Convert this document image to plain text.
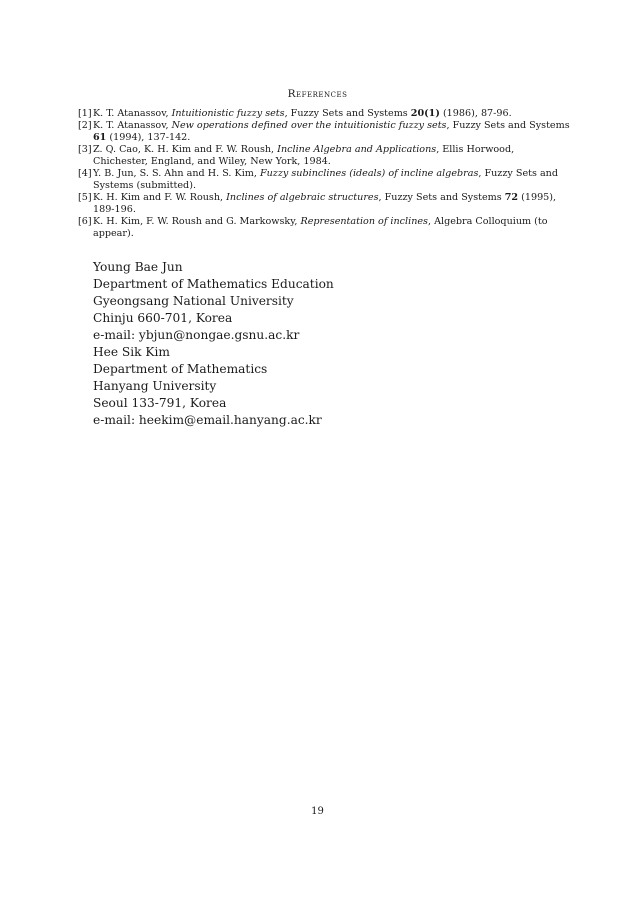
References

[1] K. T. Atanassov, Intuitionistic fuzzy sets, Fuzzy Sets and Systems 20(1) (1986), 87-96.

[2] K. T. Atanassov, New operations defined over the intuitionistic fuzzy sets, Fuzzy Sets and Systems 61 (1994), 137-142.

[3] Z. Q. Cao, K. H. Kim and F. W. Roush, Incline Algebra and Applications, Ellis Horwood, Chichester, England, and Wiley, New York, 1984.

[4] Y. B. Jun, S. S. Ahn and H. S. Kim, Fuzzy subinclines (ideals) of incline algebras, Fuzzy Sets and Systems (submitted).

[5] K. H. Kim and F. W. Roush, Inclines of algebraic structures, Fuzzy Sets and Systems 72 (1995), 189-196.

[6] K. H. Kim, F. W. Roush and G. Markowsky, Representation of inclines, Algebra Colloquium (to appear).

Young Bae Jun
Department of Mathematics Education
Gyeongsang National University
Chinju 660-701, Korea
e-mail: ybjun@nongae.gsnu.ac.kr
Hee Sik Kim
Department of Mathematics
Hanyang University
Seoul 133-791, Korea
e-mail: heekim@email.hanyang.ac.kr
19
